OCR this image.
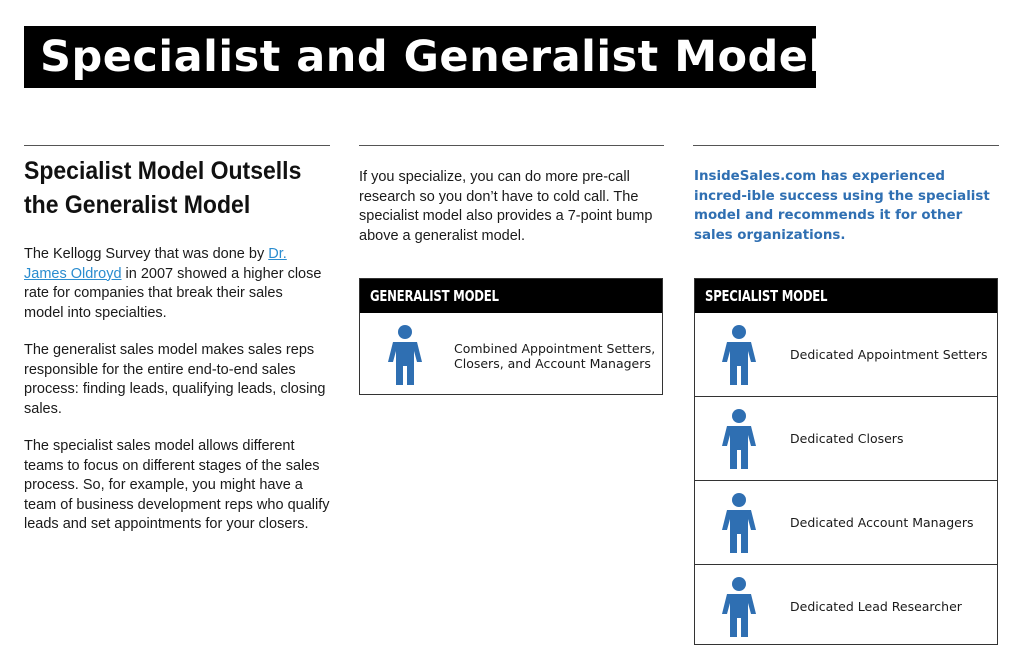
Specialist and Generalist Model
Specialist Model Outsells the Generalist Model
The Kellogg Survey that was done by Dr. James Oldroyd in 2007 showed a higher close rate for companies that break their sales model into specialties.
The generalist sales model makes sales reps responsible for the entire end-to-end sales process: finding leads, qualifying leads, closing sales.
The specialist sales model allows different teams to focus on different stages of the sales process. So, for example, you might have a team of business development reps who qualify leads and set appointments for your closers.
If you specialize, you can do more pre-call research so you don’t have to cold call. The specialist model also provides a 7-point bump above a generalist model.
InsideSales.com has experienced incred-ible success using the specialist model and recommends it for other sales organizations.
GENERALIST MODEL
Combined Appointment Setters, Closers, and Account Managers
SPECIALIST MODEL
Dedicated Appointment Setters
Dedicated Closers
Dedicated Account Managers
Dedicated Lead Researcher
